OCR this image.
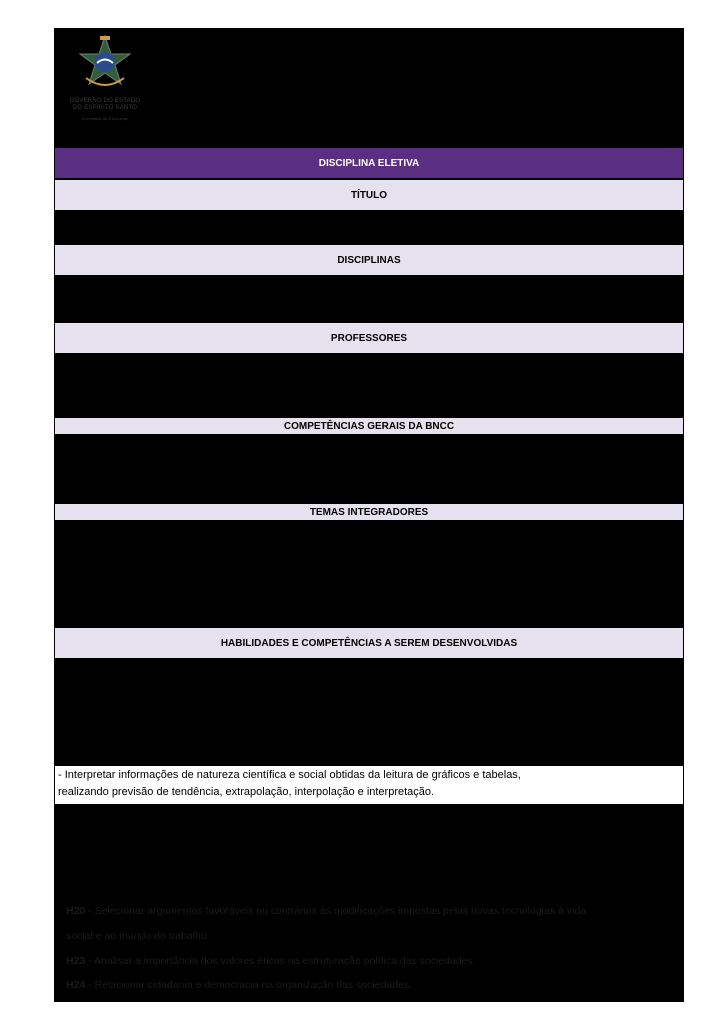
GOVERNO DO ESTADO
DO ESPÍRITO SANTO
Secretaria da Educação
DISCIPLINA ELETIVA
TÍTULO
DISCIPLINAS
PROFESSORES
COMPETÊNCIAS GERAIS DA BNCC
TEMAS INTEGRADORES
HABILIDADES E COMPETÊNCIAS A SEREM DESENVOLVIDAS
- Interpretar informações de natureza científica e social obtidas da leitura de gráficos e tabelas,
realizando previsão de tendência, extrapolação, interpolação e interpretação.
H20 - Selecionar argumentos favoráveis ou contrários às modificações impostas pelas novas tecnologias à vida
social e ao mundo do trabalho.
H23 - Analisar a importância dos valores éticos na estruturação política das sociedades.
H24 - Relacionar cidadania e democracia na organização das sociedades.
